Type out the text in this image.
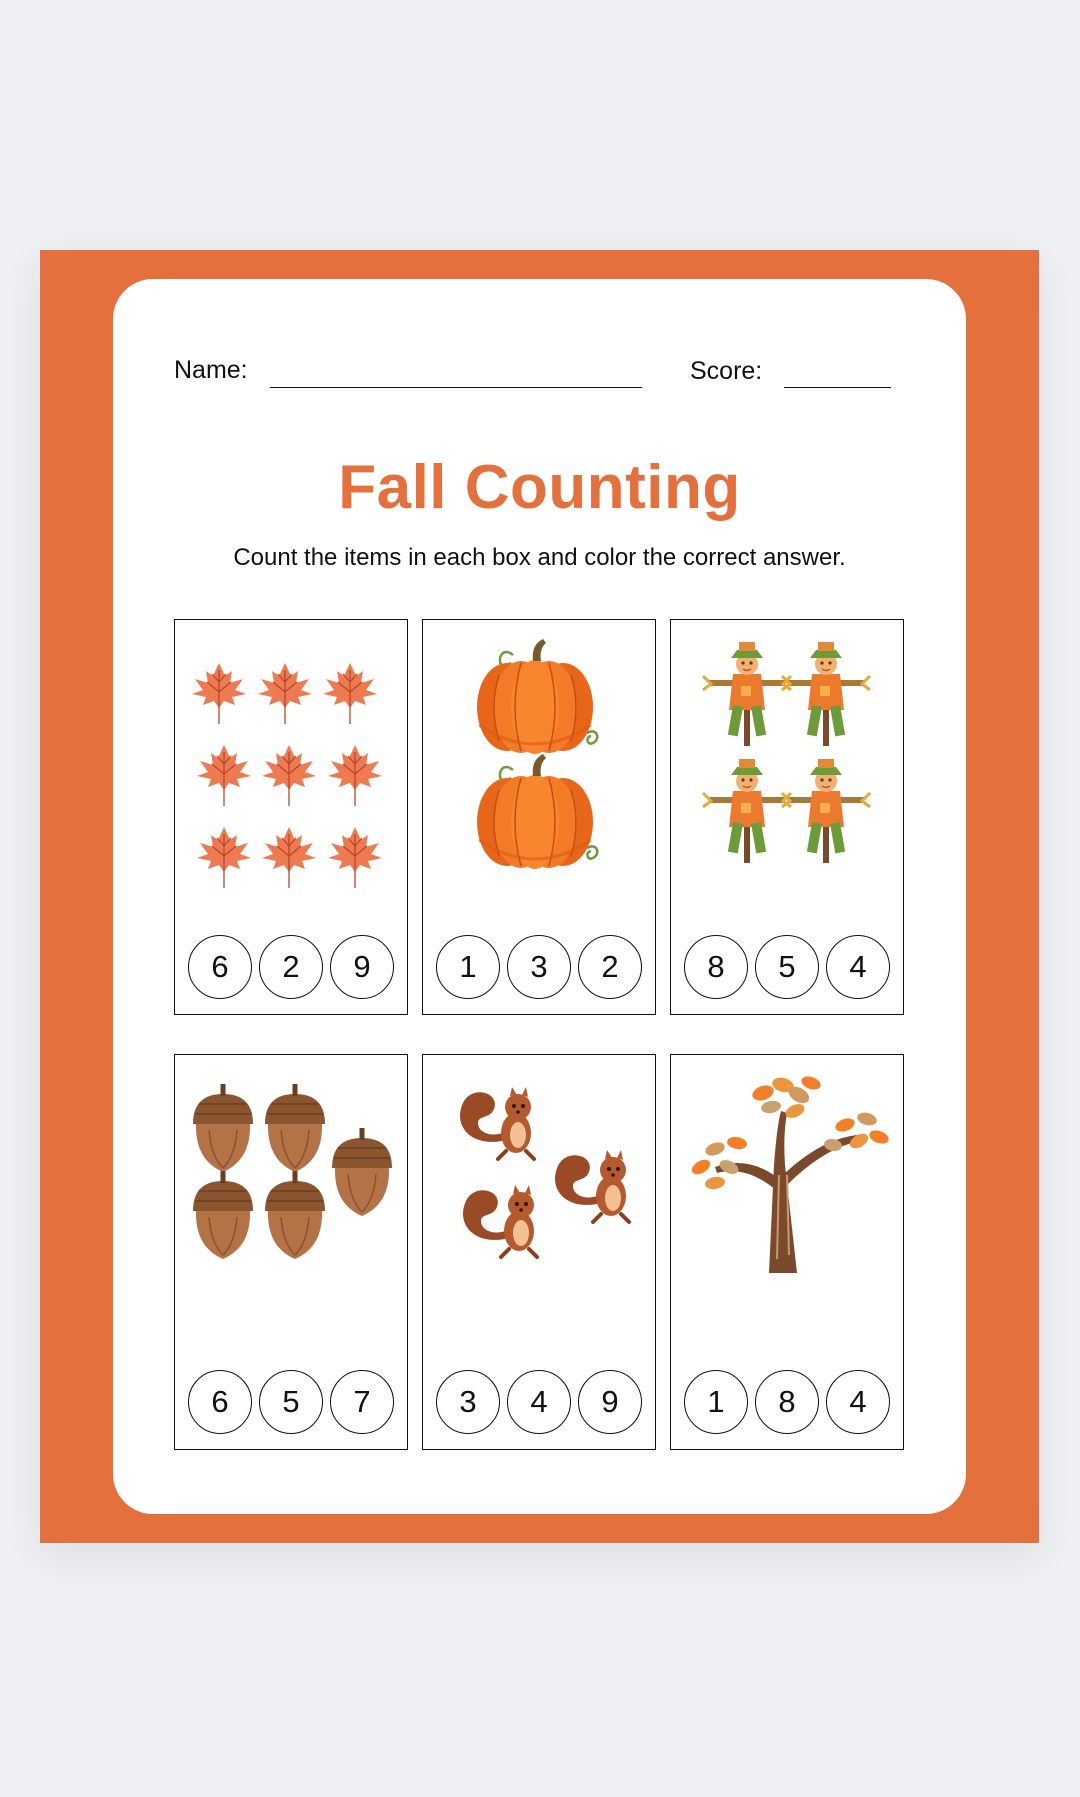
Name:	Score:
Fall Counting
Count the items in each box and color the correct answer.
6	2	9	1	3	2	8	5	4
6	5	7	3	4	9	1	8	4
